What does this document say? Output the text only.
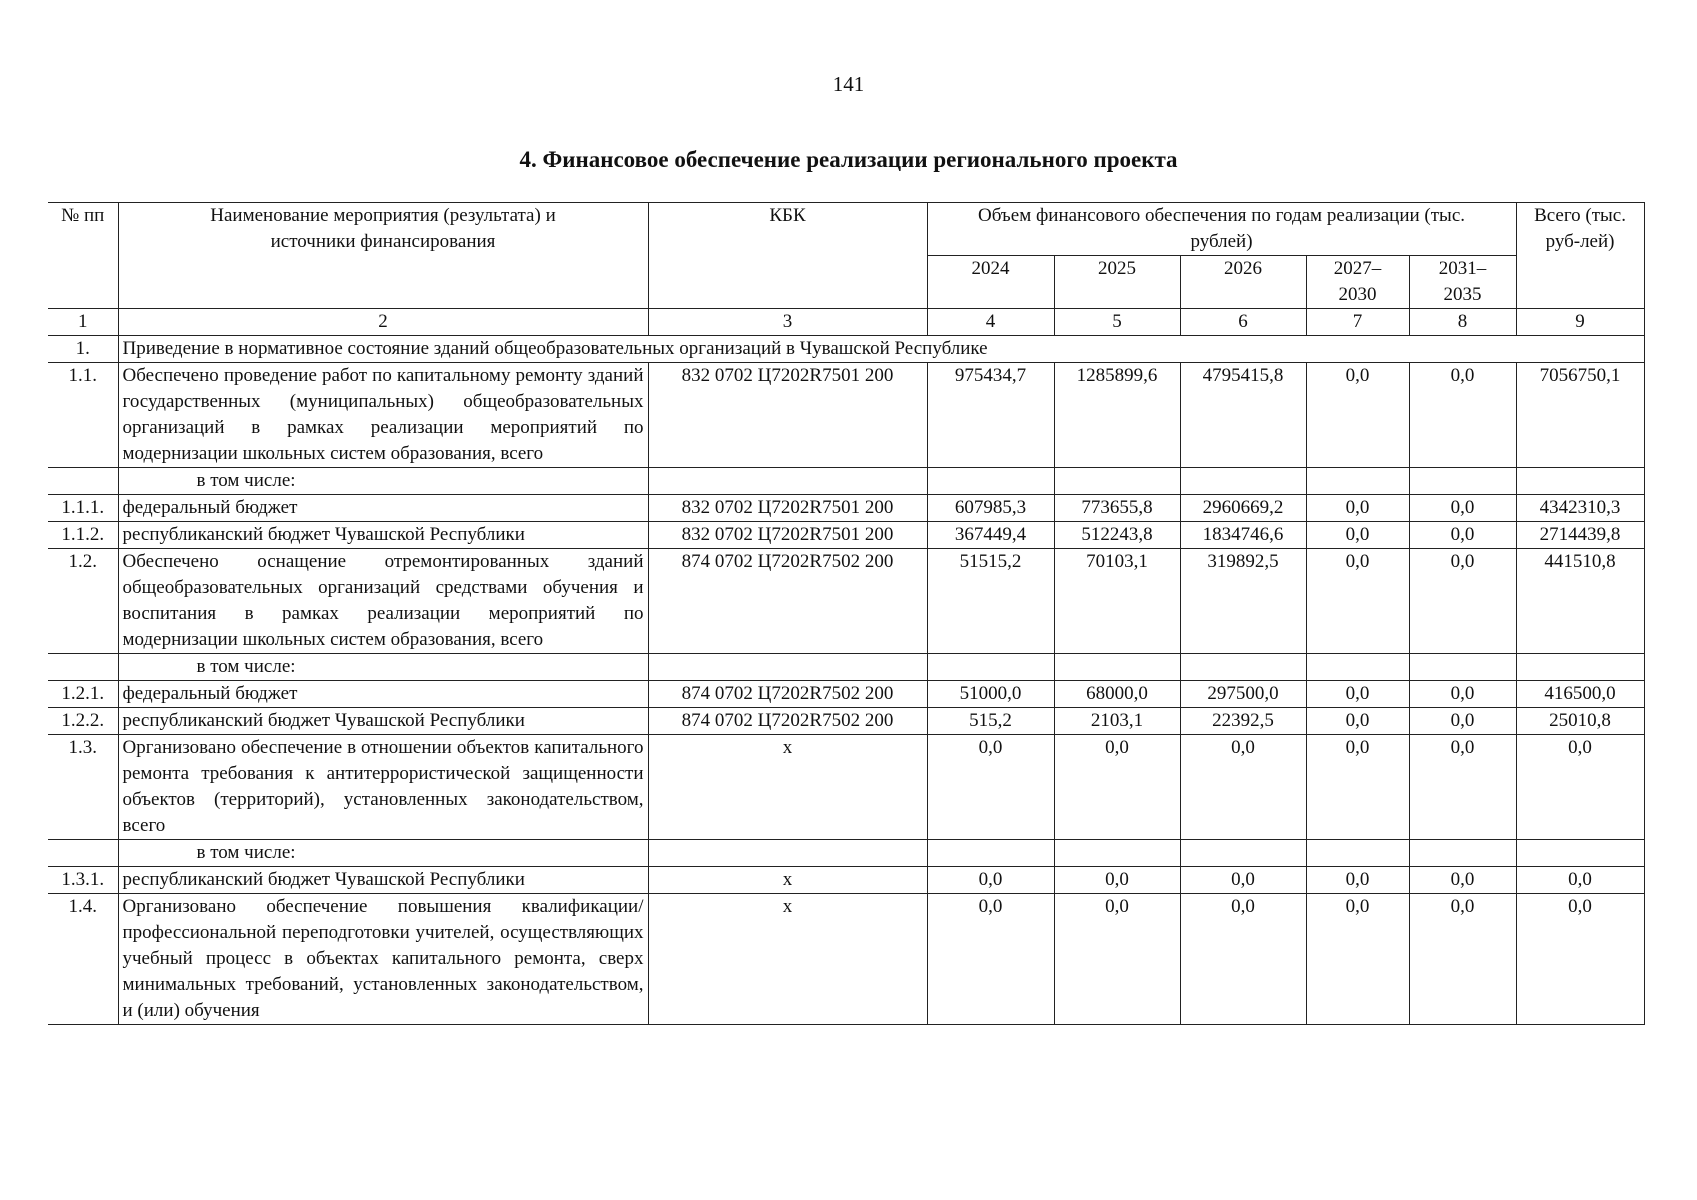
141
4. Финансовое обеспечение реализации регионального проекта
№ пп	Наименование мероприятия (результата) и источники финансирования	КБК	Объем финансового обеспечения по годам реализации (тыс. рублей)					Всего (тыс. руб-лей)
			2024	2025	2026	2027–2030	2031–2035	
1	2	3	4	5	6	7	8	9
1.	Приведение в нормативное состояние зданий общеобразовательных организаций в Чувашской Республике							
1.1.	Обеспечено проведение работ по капитальному ремонту зданий государственных (муниципальных) общеобразовательных организаций в рамках реализации мероприятий по модернизации школьных систем образования, всего	832 0702 Ц7202R7501 200	975434,7	1285899,6	4795415,8	0,0	0,0	7056750,1
	в том числе:							
1.1.1.	федеральный бюджет	832 0702 Ц7202R7501 200	607985,3	773655,8	2960669,2	0,0	0,0	4342310,3
1.1.2.	республиканский бюджет Чувашской Республики	832 0702 Ц7202R7501 200	367449,4	512243,8	1834746,6	0,0	0,0	2714439,8
1.2.	Обеспечено оснащение отремонтированных зданий общеобразовательных организаций средствами обучения и воспитания в рамках реализации мероприятий по модернизации школьных систем образования, всего	874 0702 Ц7202R7502 200	51515,2	70103,1	319892,5	0,0	0,0	441510,8
	в том числе:							
1.2.1.	федеральный бюджет	874 0702 Ц7202R7502 200	51000,0	68000,0	297500,0	0,0	0,0	416500,0
1.2.2.	республиканский бюджет Чувашской Республики	874 0702 Ц7202R7502 200	515,2	2103,1	22392,5	0,0	0,0	25010,8
1.3.	Организовано обеспечение в отношении объектов капитального ремонта требования к антитеррористической защищенности объектов (территорий), установленных законодательством, всего	х	0,0	0,0	0,0	0,0	0,0	0,0
	в том числе:							
1.3.1.	республиканский бюджет Чувашской Республики	х	0,0	0,0	0,0	0,0	0,0	0,0
1.4.	Организовано обеспечение повышения квалификации/профессиональной переподготовки учителей, осуществляющих учебный процесс в объектах капитального ремонта, сверх минимальных требований, установленных законодательством, и (или) обучения	х	0,0	0,0	0,0	0,0	0,0	0,0
